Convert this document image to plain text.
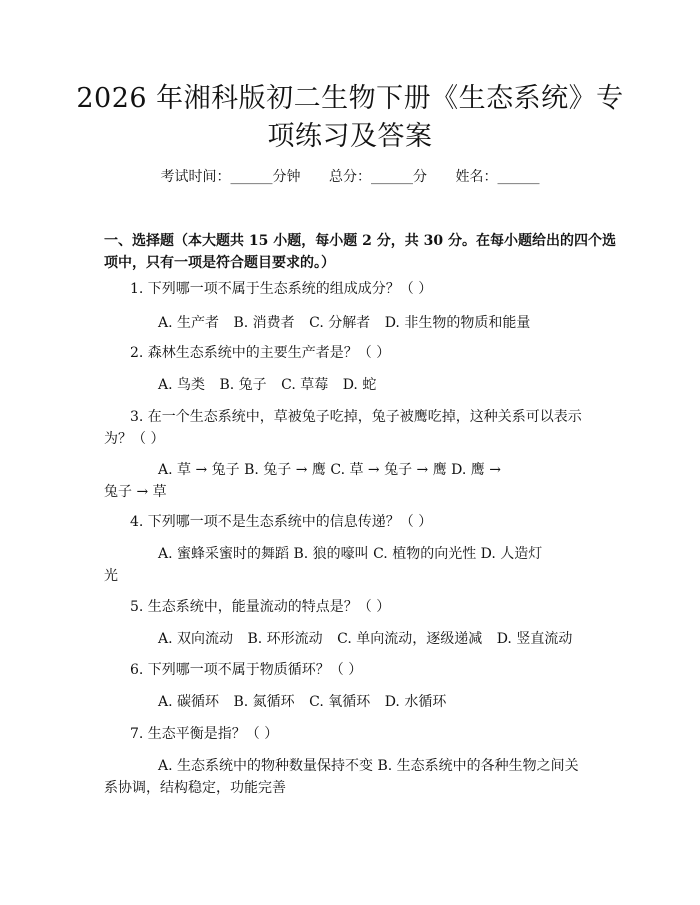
2026 年湘科版初二生物下册《生态系统》专
项练习及答案
考试时间：______分钟 总分：______分 姓名：______
一、选择题（本大题共 15 小题，每小题 2 分，共 30 分。在每小题给出的四个选
项中，只有一项是符合题目要求的。）
1. 下列哪一项不属于生态系统的组成成分？（ ）
A. 生产者 B. 消费者 C. 分解者 D. 非生物的物质和能量
2. 森林生态系统中的主要生产者是？（ ）
A. 鸟类 B. 兔子 C. 草莓 D. 蛇
3. 在一个生态系统中，草被兔子吃掉，兔子被鹰吃掉，这种关系可以表示
为？（ ）
A. 草 → 兔子 B. 兔子 → 鹰 C. 草 → 兔子 → 鹰 D. 鹰 →
兔子 → 草
4. 下列哪一项不是生态系统中的信息传递？（ ）
A. 蜜蜂采蜜时的舞蹈 B. 狼的嚎叫 C. 植物的向光性 D. 人造灯
光
5. 生态系统中，能量流动的特点是？（ ）
A. 双向流动 B. 环形流动 C. 单向流动，逐级递减 D. 竖直流动
6. 下列哪一项不属于物质循环？（ ）
A. 碳循环 B. 氮循环 C. 氧循环 D. 水循环
7. 生态平衡是指？（ ）
A. 生态系统中的物种数量保持不变 B. 生态系统中的各种生物之间关
系协调，结构稳定，功能完善
